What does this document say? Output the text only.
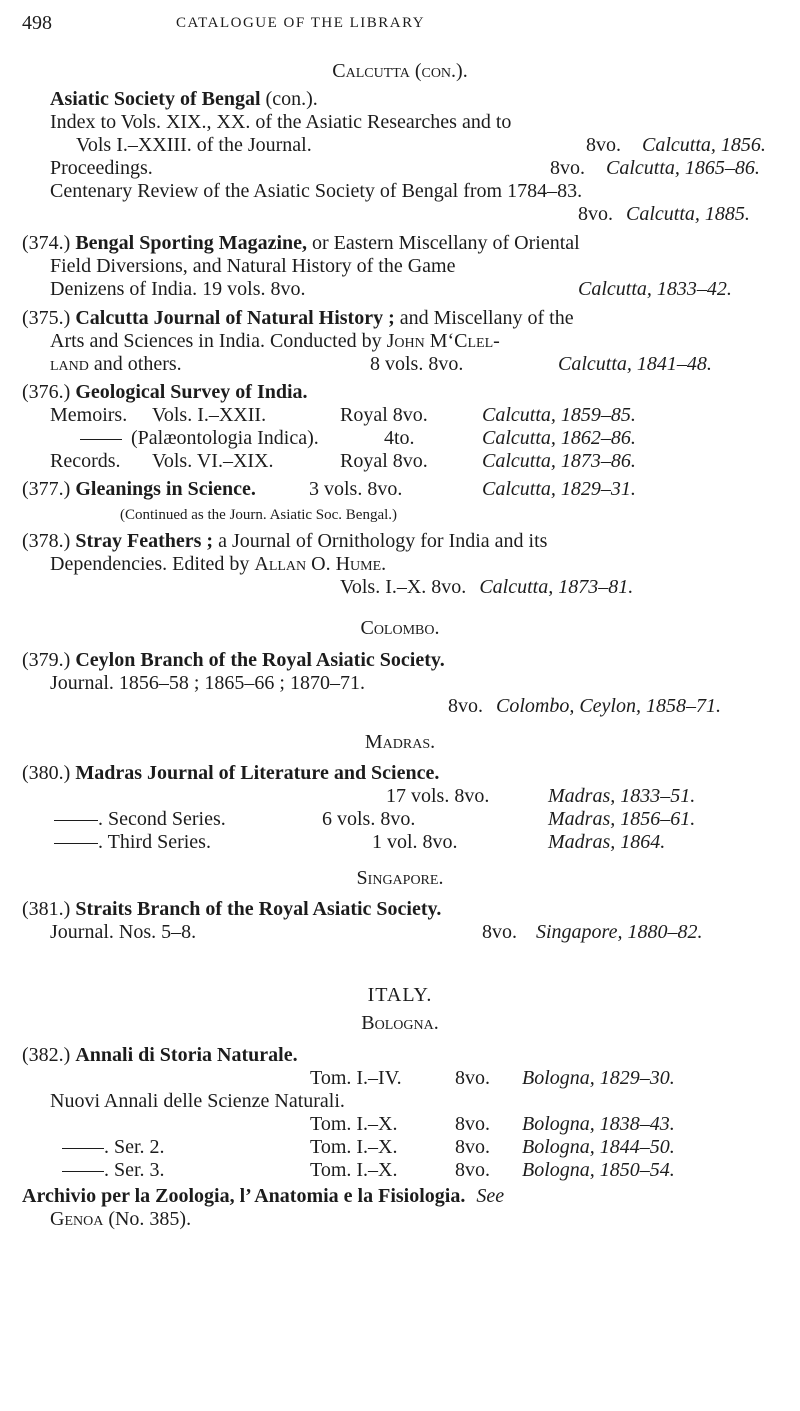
498	CATALOGUE OF THE LIBRARY
Calcutta (con.).
Asiatic Society of Bengal (con.).
Index to Vols. XIX., XX. of the Asiatic Researches and to
Vols I.–XXIII. of the Journal.	8vo. Calcutta, 1856.
Proceedings.	8vo. Calcutta, 1865–86.
Centenary Review of the Asiatic Society of Bengal from 1784–83.
8vo. Calcutta, 1885.
(374.) Bengal Sporting Magazine, or Eastern Miscellany of Oriental
Field Diversions, and Natural History of the Game
Denizens of India. 19 vols. 8vo.	Calcutta, 1833–42.
(375.) Calcutta Journal of Natural History ; and Miscellany of the
Arts and Sciences in India. Conducted by John M‘Clel-
land and others.	8 vols. 8vo.	Calcutta, 1841–48.
(376.) Geological Survey of India.
Memoirs. Vols. I.–XXII.	Royal 8vo.	Calcutta, 1859–85.
(Palæontologia Indica).	4to.	Calcutta, 1862–86.
Records. Vols. VI.–XIX.	Royal 8vo.	Calcutta, 1873–86.
(377.) Gleanings in Science.	3 vols. 8vo.	Calcutta, 1829–31.
(Continued as the Journ. Asiatic Soc. Bengal.)
(378.) Stray Feathers ; a Journal of Ornithology for India and its
Dependencies. Edited by Allan O. Hume.
Vols. I.–X. 8vo. Calcutta, 1873–81.
Colombo.
(379.) Ceylon Branch of the Royal Asiatic Society.
Journal. 1856–58 ; 1865–66 ; 1870–71.
8vo. Colombo, Ceylon, 1858–71.
Madras.
(380.) Madras Journal of Literature and Science.
17 vols. 8vo.	Madras, 1833–51.
. Second Series.	6 vols. 8vo.	Madras, 1856–61.
. Third Series.	1 vol. 8vo.	Madras, 1864.
Singapore.
(381.) Straits Branch of the Royal Asiatic Society.
Journal. Nos. 5–8.	8vo. Singapore, 1880–82.
ITALY.
Bologna.
(382.) Annali di Storia Naturale.
Tom. I.–IV.	8vo. Bologna, 1829–30.
Nuovi Annali delle Scienze Naturali.
Tom. I.–X.	8vo. Bologna, 1838–43.
. Ser. 2.	Tom. I.–X.	8vo. Bologna, 1844–50.
. Ser. 3.	Tom. I.–X.	8vo. Bologna, 1850–54.
Archivio per la Zoologia, l’ Anatomia e la Fisiologia. See
Genoa (No. 385).
